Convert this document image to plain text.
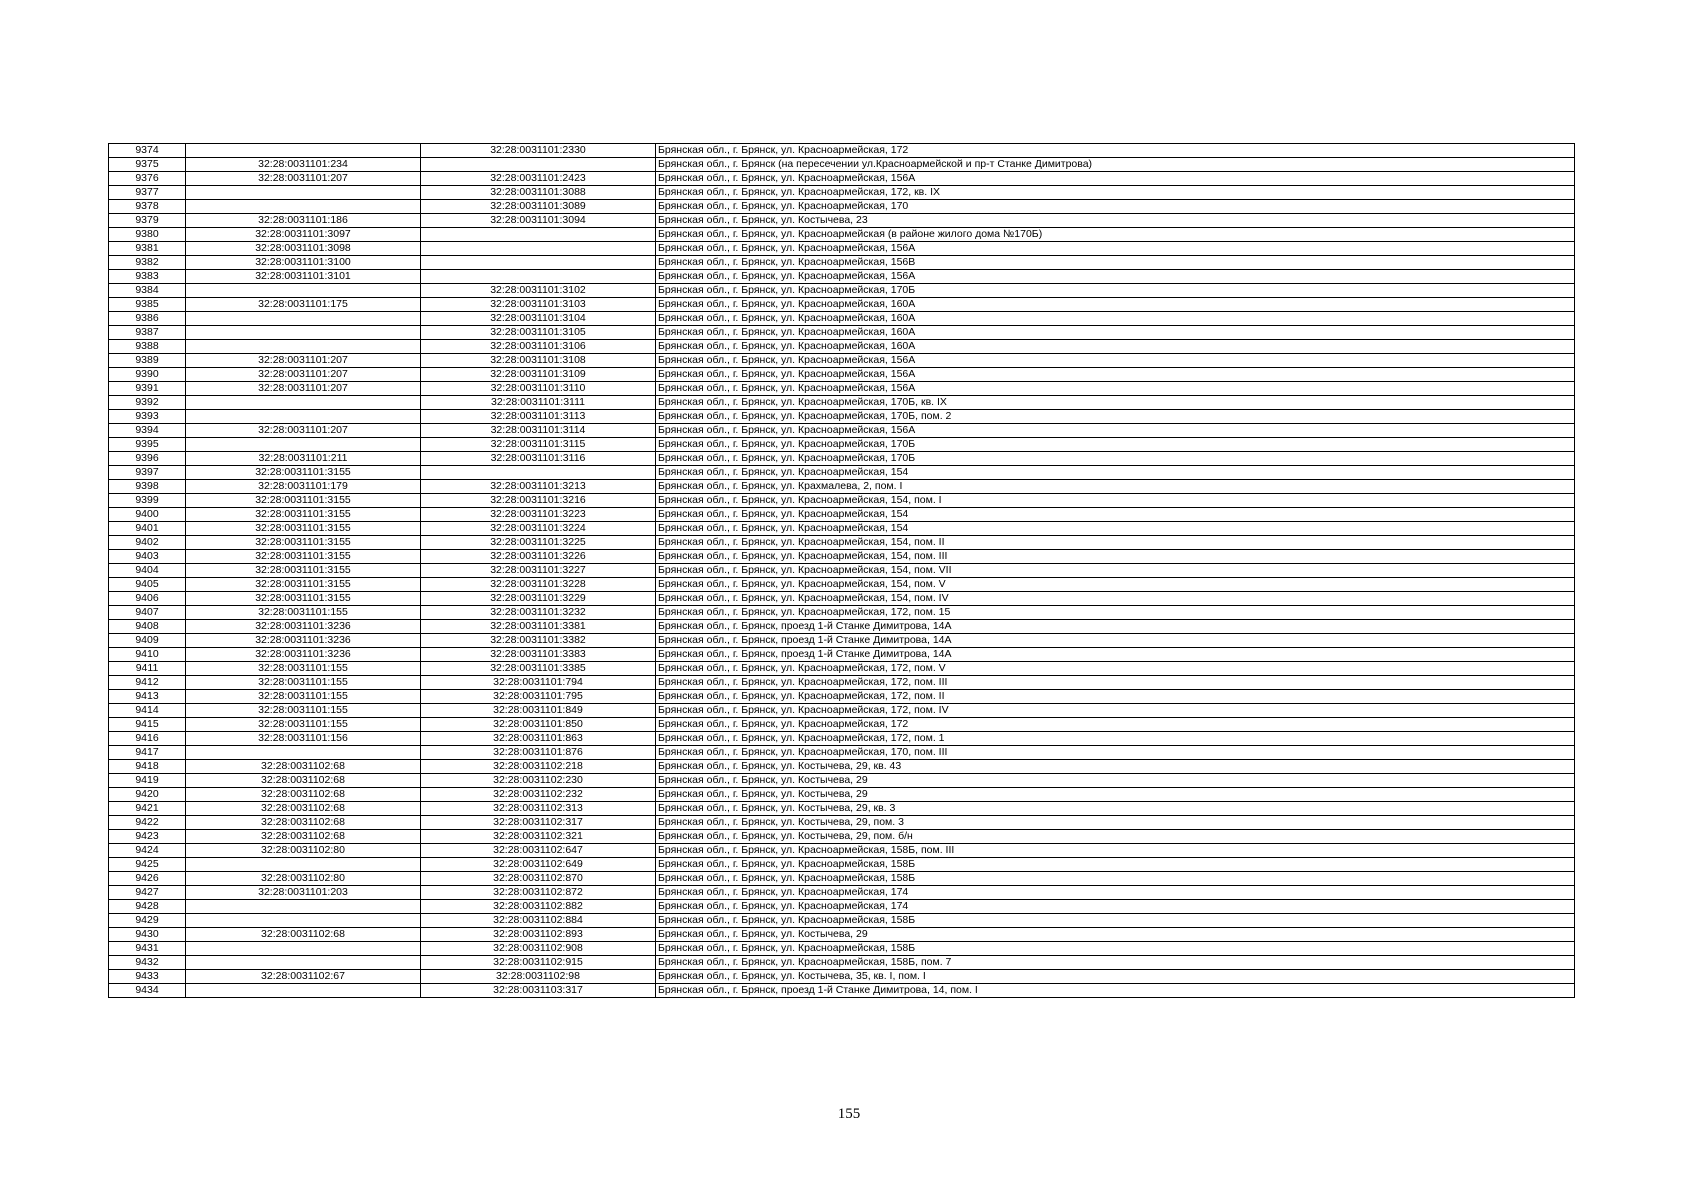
9374		32:28:0031101:2330	Брянская обл., г. Брянск, ул. Красноармейская, 172
9375	32:28:0031101:234		Брянская обл., г. Брянск (на пересечении ул.Красноармейской и пр-т Станке Димитрова)
9376	32:28:0031101:207	32:28:0031101:2423	Брянская обл., г. Брянск, ул. Красноармейская, 156А
9377		32:28:0031101:3088	Брянская обл., г. Брянск, ул. Красноармейская, 172, кв. IX
9378		32:28:0031101:3089	Брянская обл., г. Брянск, ул. Красноармейская, 170
9379	32:28:0031101:186	32:28:0031101:3094	Брянская обл., г. Брянск, ул. Костычева, 23
9380	32:28:0031101:3097		Брянская обл., г. Брянск, ул. Красноармейская (в районе жилого дома №170Б)
9381	32:28:0031101:3098		Брянская обл., г. Брянск, ул. Красноармейская, 156А
9382	32:28:0031101:3100		Брянская обл., г. Брянск, ул. Красноармейская, 156В
9383	32:28:0031101:3101		Брянская обл., г. Брянск, ул. Красноармейская, 156А
9384		32:28:0031101:3102	Брянская обл., г. Брянск, ул. Красноармейская, 170Б
9385	32:28:0031101:175	32:28:0031101:3103	Брянская обл., г. Брянск, ул. Красноармейская, 160А
9386		32:28:0031101:3104	Брянская обл., г. Брянск, ул. Красноармейская, 160А
9387		32:28:0031101:3105	Брянская обл., г. Брянск, ул. Красноармейская, 160А
9388		32:28:0031101:3106	Брянская обл., г. Брянск, ул. Красноармейская, 160А
9389	32:28:0031101:207	32:28:0031101:3108	Брянская обл., г. Брянск, ул. Красноармейская, 156А
9390	32:28:0031101:207	32:28:0031101:3109	Брянская обл., г. Брянск, ул. Красноармейская, 156А
9391	32:28:0031101:207	32:28:0031101:3110	Брянская обл., г. Брянск, ул. Красноармейская, 156А
9392		32:28:0031101:3111	Брянская обл., г. Брянск, ул. Красноармейская, 170Б, кв. IX
9393		32:28:0031101:3113	Брянская обл., г. Брянск, ул. Красноармейская, 170Б, пом. 2
9394	32:28:0031101:207	32:28:0031101:3114	Брянская обл., г. Брянск, ул. Красноармейская, 156А
9395		32:28:0031101:3115	Брянская обл., г. Брянск, ул. Красноармейская, 170Б
9396	32:28:0031101:211	32:28:0031101:3116	Брянская обл., г. Брянск, ул. Красноармейская, 170Б
9397	32:28:0031101:3155		Брянская обл., г. Брянск, ул. Красноармейская, 154
9398	32:28:0031101:179	32:28:0031101:3213	Брянская обл., г. Брянск, ул. Крахмалева, 2, пом. I
9399	32:28:0031101:3155	32:28:0031101:3216	Брянская обл., г. Брянск, ул. Красноармейская, 154, пом. I
9400	32:28:0031101:3155	32:28:0031101:3223	Брянская обл., г. Брянск, ул. Красноармейская, 154
9401	32:28:0031101:3155	32:28:0031101:3224	Брянская обл., г. Брянск, ул. Красноармейская, 154
9402	32:28:0031101:3155	32:28:0031101:3225	Брянская обл., г. Брянск, ул. Красноармейская, 154, пом. II
9403	32:28:0031101:3155	32:28:0031101:3226	Брянская обл., г. Брянск, ул. Красноармейская, 154, пом. III
9404	32:28:0031101:3155	32:28:0031101:3227	Брянская обл., г. Брянск, ул. Красноармейская, 154, пом. VII
9405	32:28:0031101:3155	32:28:0031101:3228	Брянская обл., г. Брянск, ул. Красноармейская, 154, пом. V
9406	32:28:0031101:3155	32:28:0031101:3229	Брянская обл., г. Брянск, ул. Красноармейская, 154, пом. IV
9407	32:28:0031101:155	32:28:0031101:3232	Брянская обл., г. Брянск, ул. Красноармейская, 172, пом. 15
9408	32:28:0031101:3236	32:28:0031101:3381	Брянская обл., г. Брянск, проезд 1-й Станке Димитрова, 14А
9409	32:28:0031101:3236	32:28:0031101:3382	Брянская обл., г. Брянск, проезд 1-й Станке Димитрова, 14А
9410	32:28:0031101:3236	32:28:0031101:3383	Брянская обл., г. Брянск, проезд 1-й Станке Димитрова, 14А
9411	32:28:0031101:155	32:28:0031101:3385	Брянская обл., г. Брянск, ул. Красноармейская, 172, пом. V
9412	32:28:0031101:155	32:28:0031101:794	Брянская обл., г. Брянск, ул. Красноармейская, 172, пом. III
9413	32:28:0031101:155	32:28:0031101:795	Брянская обл., г. Брянск, ул. Красноармейская, 172, пом. II
9414	32:28:0031101:155	32:28:0031101:849	Брянская обл., г. Брянск, ул. Красноармейская, 172, пом. IV
9415	32:28:0031101:155	32:28:0031101:850	Брянская обл., г. Брянск, ул. Красноармейская, 172
9416	32:28:0031101:156	32:28:0031101:863	Брянская обл., г. Брянск, ул. Красноармейская, 172, пом. 1
9417		32:28:0031101:876	Брянская обл., г. Брянск, ул. Красноармейская, 170, пом. III
9418	32:28:0031102:68	32:28:0031102:218	Брянская обл., г. Брянск, ул. Костычева, 29, кв. 43
9419	32:28:0031102:68	32:28:0031102:230	Брянская обл., г. Брянск, ул. Костычева, 29
9420	32:28:0031102:68	32:28:0031102:232	Брянская обл., г. Брянск, ул. Костычева, 29
9421	32:28:0031102:68	32:28:0031102:313	Брянская обл., г. Брянск, ул. Костычева, 29, кв. 3
9422	32:28:0031102:68	32:28:0031102:317	Брянская обл., г. Брянск, ул. Костычева, 29, пом. 3
9423	32:28:0031102:68	32:28:0031102:321	Брянская обл., г. Брянск, ул. Костычева, 29, пом. б/н
9424	32:28:0031102:80	32:28:0031102:647	Брянская обл., г. Брянск, ул. Красноармейская, 158Б, пом. III
9425		32:28:0031102:649	Брянская обл., г. Брянск, ул. Красноармейская, 158Б
9426	32:28:0031102:80	32:28:0031102:870	Брянская обл., г. Брянск, ул. Красноармейская, 158Б
9427	32:28:0031101:203	32:28:0031102:872	Брянская обл., г. Брянск, ул. Красноармейская, 174
9428		32:28:0031102:882	Брянская обл., г. Брянск, ул. Красноармейская, 174
9429		32:28:0031102:884	Брянская обл., г. Брянск, ул. Красноармейская, 158Б
9430	32:28:0031102:68	32:28:0031102:893	Брянская обл., г. Брянск, ул. Костычева, 29
9431		32:28:0031102:908	Брянская обл., г. Брянск, ул. Красноармейская, 158Б
9432		32:28:0031102:915	Брянская обл., г. Брянск, ул. Красноармейская, 158Б, пом. 7
9433	32:28:0031102:67	32:28:0031102:98	Брянская обл., г. Брянск, ул. Костычева, 35, кв. I, пом. I
9434		32:28:0031103:317	Брянская обл., г. Брянск, проезд 1-й Станке Димитрова, 14, пом. I
155
